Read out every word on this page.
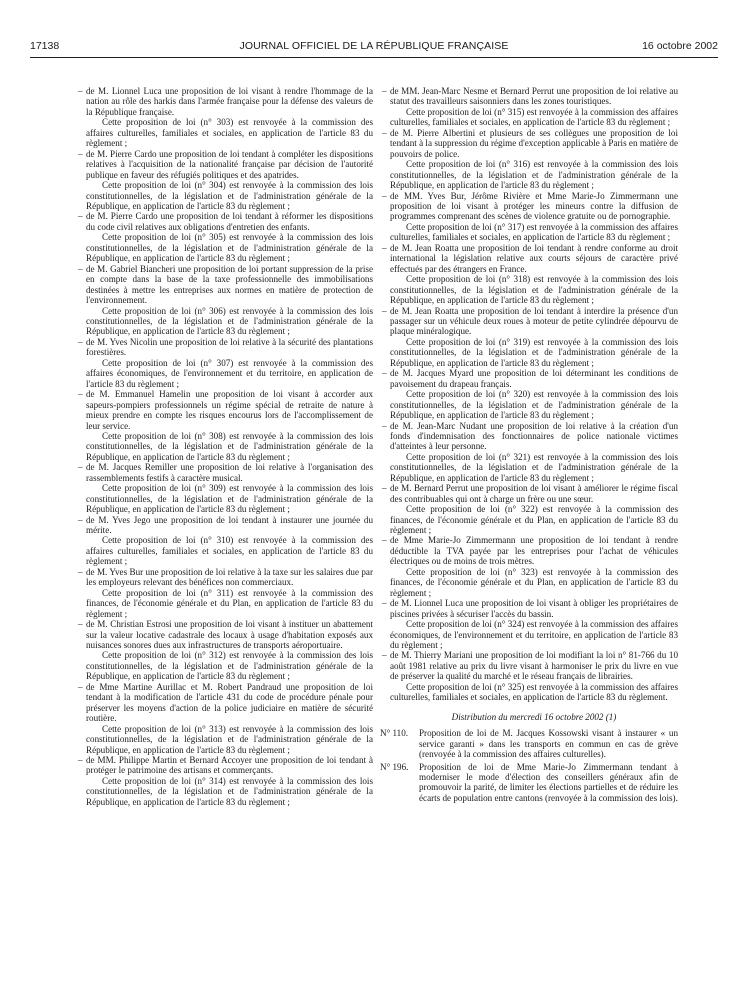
17138	JOURNAL OFFICIEL DE LA RÉPUBLIQUE FRANÇAISE	16 octobre 2002
– de M. Lionnel Luca une proposition de loi visant à rendre l'hommage de la nation au rôle des harkis dans l'armée française pour la défense des valeurs de la République française.

Cette proposition de loi (n° 303) est renvoyée à la commission des affaires culturelles, familiales et sociales, en application de l'article 83 du règlement ;

– de M. Pierre Cardo une proposition de loi tendant à compléter les dispositions relatives à l'acquisition de la nationalité française par décision de l'autorité publique en faveur des réfugiés politiques et des apatrides.

Cette proposition de loi (n° 304) est renvoyée à la commission des lois constitutionnelles, de la législation et de l'administration générale de la République, en application de l'article 83 du règlement ;

– de M. Pierre Cardo une proposition de loi tendant à réformer les dispositions du code civil relatives aux obligations d'entretien des enfants.

Cette proposition de loi (n° 305) est renvoyée à la commission des lois constitutionnelles, de la législation et de l'administration générale de la République, en application de l'article 83 du règlement ;

– de M. Gabriel Biancheri une proposition de loi portant suppression de la prise en compte dans la base de la taxe professionnelle des immobilisations destinées à mettre les entreprises aux normes en matière de protection de l'environnement.

Cette proposition de loi (n° 306) est renvoyée à la commission des lois constitutionnelles, de la législation et de l'administration générale de la République, en application de l'article 83 du règlement ;

– de M. Yves Nicolin une proposition de loi relative à la sécurité des plantations forestières.

Cette proposition de loi (n° 307) est renvoyée à la commission des affaires économiques, de l'environnement et du territoire, en application de l'article 83 du règlement ;

– de M. Emmanuel Hamelin une proposition de loi visant à accorder aux sapeurs-pompiers professionnels un régime spécial de retraite de nature à mieux prendre en compte les risques encourus lors de l'accomplissement de leur service.

Cette proposition de loi (n° 308) est renvoyée à la commission des lois constitutionnelles, de la législation et de l'administration générale de la République, en application de l'article 83 du règlement ;

– de M. Jacques Remiller une proposition de loi relative à l'organisation des rassemblements festifs à caractère musical.

Cette proposition de loi (n° 309) est renvoyée à la commission des lois constitutionnelles, de la législation et de l'administration générale de la République, en application de l'article 83 du règlement ;

– de M. Yves Jego une proposition de loi tendant à instaurer une journée du mérite.

Cette proposition de loi (n° 310) est renvoyée à la commission des affaires culturelles, familiales et sociales, en application de l'article 83 du règlement ;

– de M. Yves Bur une proposition de loi relative à la taxe sur les salaires due par les employeurs relevant des bénéfices non commerciaux.

Cette proposition de loi (n° 311) est renvoyée à la commission des finances, de l'économie générale et du Plan, en application de l'article 83 du règlement ;

– de M. Christian Estrosi une proposition de loi visant à instituer un abattement sur la valeur locative cadastrale des locaux à usage d'habitation exposés aux nuisances sonores dues aux infrastructures de transports aéroportuaire.

Cette proposition de loi (n° 312) est renvoyée à la commission des lois constitutionnelles, de la législation et de l'administration générale de la République, en application de l'article 83 du règlement ;

– de Mme Martine Aurillac et M. Robert Pandraud une proposition de loi tendant à la modification de l'article 431 du code de procédure pénale pour préserver les moyens d'action de la police judiciaire en matière de sécurité routière.

Cette proposition de loi (n° 313) est renvoyée à la commission des lois constitutionnelles, de la législation et de l'administration générale de la République, en application de l'article 83 du règlement ;

– de MM. Philippe Martin et Bernard Accoyer une proposition de loi tendant à protéger le patrimoine des artisans et commerçants.

Cette proposition de loi (n° 314) est renvoyée à la commission des lois constitutionnelles, de la législation et de l'administration générale de la République, en application de l'article 83 du règlement ;

– de MM. Jean-Marc Nesme et Bernard Perrut une proposition de loi relative au statut des travailleurs saisonniers dans les zones touristiques.

Cette proposition de loi (n° 315) est renvoyée à la commission des affaires culturelles, familiales et sociales, en application de l'article 83 du règlement ;

– de M. Pierre Albertini et plusieurs de ses collègues une proposition de loi tendant à la suppression du régime d'exception applicable à Paris en matière de pouvoirs de police.

Cette proposition de loi (n° 316) est renvoyée à la commission des lois constitutionnelles, de la législation et de l'administration générale de la République, en application de l'article 83 du règlement ;

– de MM. Yves Bur, Jérôme Rivière et Mme Marie-Jo Zimmermann une proposition de loi visant à protéger les mineurs contre la diffusion de programmes comprenant des scènes de violence gratuite ou de pornographie.

Cette proposition de loi (n° 317) est renvoyée à la commission des affaires culturelles, familiales et sociales, en application de l'article 83 du règlement ;

– de M. Jean Roatta une proposition de loi tendant à rendre conforme au droit international la législation relative aux courts séjours de caractère privé effectués par des étrangers en France.

Cette proposition de loi (n° 318) est renvoyée à la commission des lois constitutionnelles, de la législation et de l'administration générale de la République, en application de l'article 83 du règlement ;

– de M. Jean Roatta une proposition de loi tendant à interdire la présence d'un passager sur un véhicule deux roues à moteur de petite cylindrée dépourvu de plaque minéralogique.

Cette proposition de loi (n° 319) est renvoyée à la commission des lois constitutionnelles, de la législation et de l'administration générale de la République, en application de l'article 83 du règlement ;

– de M. Jacques Myard une proposition de loi déterminant les conditions de pavoisement du drapeau français.

Cette proposition de loi (n° 320) est renvoyée à la commission des lois constitutionnelles, de la législation et de l'administration générale de la République, en application de l'article 83 du règlement ;

– de M. Jean-Marc Nudant une proposition de loi relative à la création d'un fonds d'indemnisation des fonctionnaires de police nationale victimes d'atteintes à leur personne.

Cette proposition de loi (n° 321) est renvoyée à la commission des lois constitutionnelles, de la législation et de l'administration générale de la République, en application de l'article 83 du règlement ;

– de M. Bernard Perrut une proposition de loi visant à améliorer le régime fiscal des contribuables qui ont à charge un frère ou une sœur.

Cette proposition de loi (n° 322) est renvoyée à la commission des finances, de l'économie générale et du Plan, en application de l'article 83 du règlement ;

– de Mme Marie-Jo Zimmermann une proposition de loi tendant à rendre déductible la TVA payée par les entreprises pour l'achat de véhicules électriques ou de moins de trois mètres.

Cette proposition de loi (n° 323) est renvoyée à la commission des finances, de l'économie générale et du Plan, en application de l'article 83 du règlement ;

– de M. Lionnel Luca une proposition de loi visant à obliger les propriétaires de piscines privées à sécuriser l'accès du bassin.

Cette proposition de loi (n° 324) est renvoyée à la commission des affaires économiques, de l'environnement et du territoire, en application de l'article 83 du règlement ;

– de M. Thierry Mariani une proposition de loi modifiant la loi n° 81-766 du 10 août 1981 relative au prix du livre visant à harmoniser le prix du livre en vue de préserver la qualité du marché et le réseau français de librairies.

Cette proposition de loi (n° 325) est renvoyée à la commission des affaires culturelles, familiales et sociales, en application de l'article 83 du règlement.

Distribution du mercredi 16 octobre 2002 (1)
N° 110. Proposition de loi de M. Jacques Kossowski visant à instaurer « un service garanti » dans les transports en commun en cas de grève (renvoyée à la commission des affaires culturelles).
N° 196. Proposition de loi de Mme Marie-Jo Zimmermann tendant à moderniser le mode d'élection des conseillers généraux afin de promouvoir la parité, de limiter les élections partielles et de réduire les écarts de population entre cantons (renvoyée à la commission des lois).
